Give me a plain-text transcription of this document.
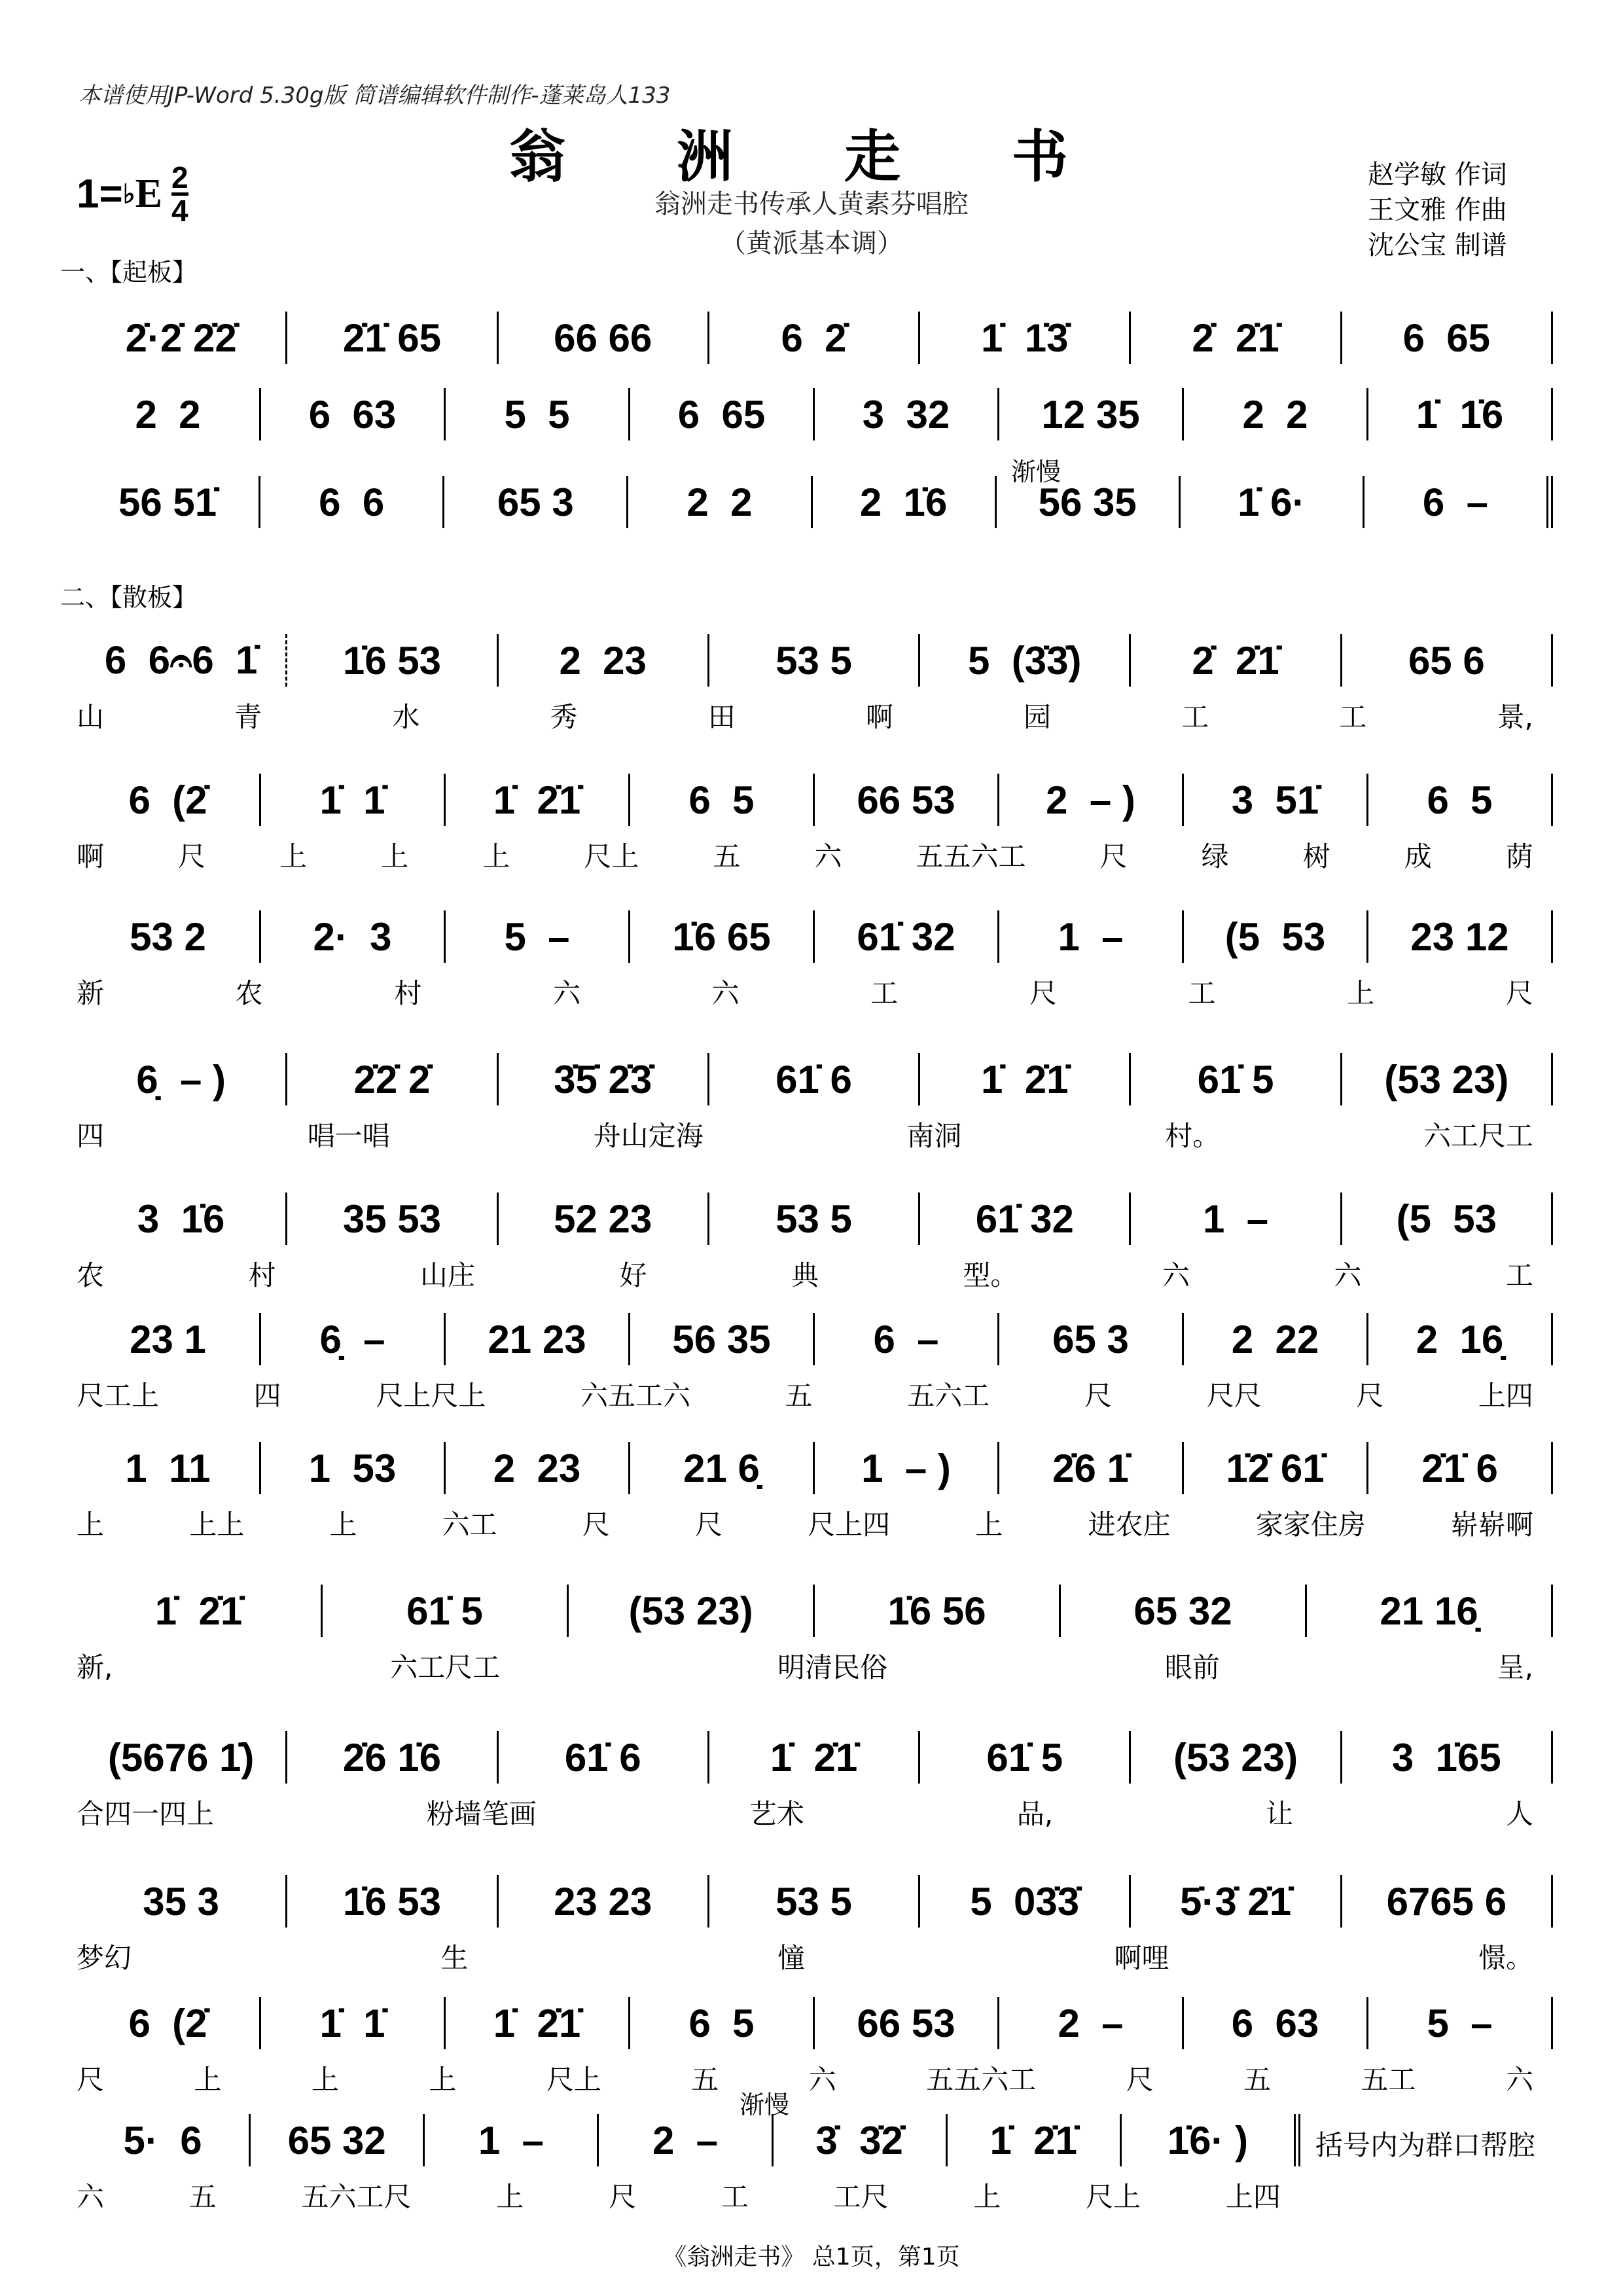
本谱使用JP-Word 5.30g版 简谱编辑软件制作-蓬莱岛人133
翁 洲 走 书
翁洲走书传承人黄素芬唱腔
（黄派基本调）
赵学敏 作词
王文雅 作曲
沈公宝 制谱
1= ♭ E $\frac{2}{4}$
一、【起板】
二、【散板】
渐慢
渐慢
2̇·2̇ 2̇2̇	2̇1̇ 65	66 66	6  2̇	1̇  1̇3̇	2̇  2̇1̇	6  65
2  2	6  63	5  5	6  65	3  32	12 35	2  2	1̇  1̇6
56 51̇	6  6	65 3	2  2	2  1̇6	56 35	1̇ 6·	6  –
6  6𝄐6  1̇	1̇6 53	2  23	53 5	5  (3̇3̇)	2̇  2̇1̇	65 6
山	青	水	秀	田	啊	园	工	工	景,
6  (2̇	1̇  1̇	1̇  2̇1̇	6  5	66 53	2  – )	3  51̇	6  5
啊	尺	上	上	上	尺上	五	六	五五六工	尺	绿	树	成	荫
53 2	2·  3	5  –	1̇6 65	61̇ 32	1  –	(5  53	23 12
新	农	村	六	六	工	尺	工	上	尺
6̣  – )	2̇2̇ 2̇	3̇5̇ 2̇3̇	61̇ 6	1̇  2̇1̇	61̇ 5	(53 23)
四	唱一唱	舟山定海	南洞	村。	六工尺工
3  1̇6	35 53	52 23	53 5	61̇ 32	1  –	(5  53
农	村	山庄	好	典	型。	六	六	工
23 1	6̣  –	21 23	56 35	6  –	65 3	2  22	2  16̣
尺工上	四	尺上尺上	六五工六	五	五六工	尺	尺尺	尺	上四
1  11	1  53	2  23	21 6̣	1  – )	2̇6 1̇	1̇2̇ 61̇	2̇1̇ 6
上	上上	上	六工	尺	尺	尺上四	上	进农庄	家家住房	崭崭啊
1̇  2̇1̇	61̇ 5	(53 23)	1̇6 56	65 32	21 16̣
新,	六工尺工	明清民俗	眼前	呈,
(5676 1̇)	2̇6 1̇6	61̇ 6	1̇  2̇1̇	61̇ 5	(53 23)	3  1̇65
合四一四上	粉墙笔画	艺术	品,	让	人
35 3	1̇6 53	23 23	53 5	5  03̇3̇	5̇·3̇ 2̇1̇	6765 6
梦幻	生	憧	啊哩	憬。
6  (2̇	1̇  1̇	1̇  2̇1̇	6  5	66 53	2  –	6  63	5  –
尺	上	上	上	尺上	五	六	五五六工	尺	五	五工	六
5·  6	65 32	1  –	2  –	3̇  3̇2̇	1̇  2̇1̇	1̇6· )
六	五	五六工尺	上	尺	工	工尺	上	尺上	上四
括号内为群口帮腔
《翁洲走书》 总1页，第1页
